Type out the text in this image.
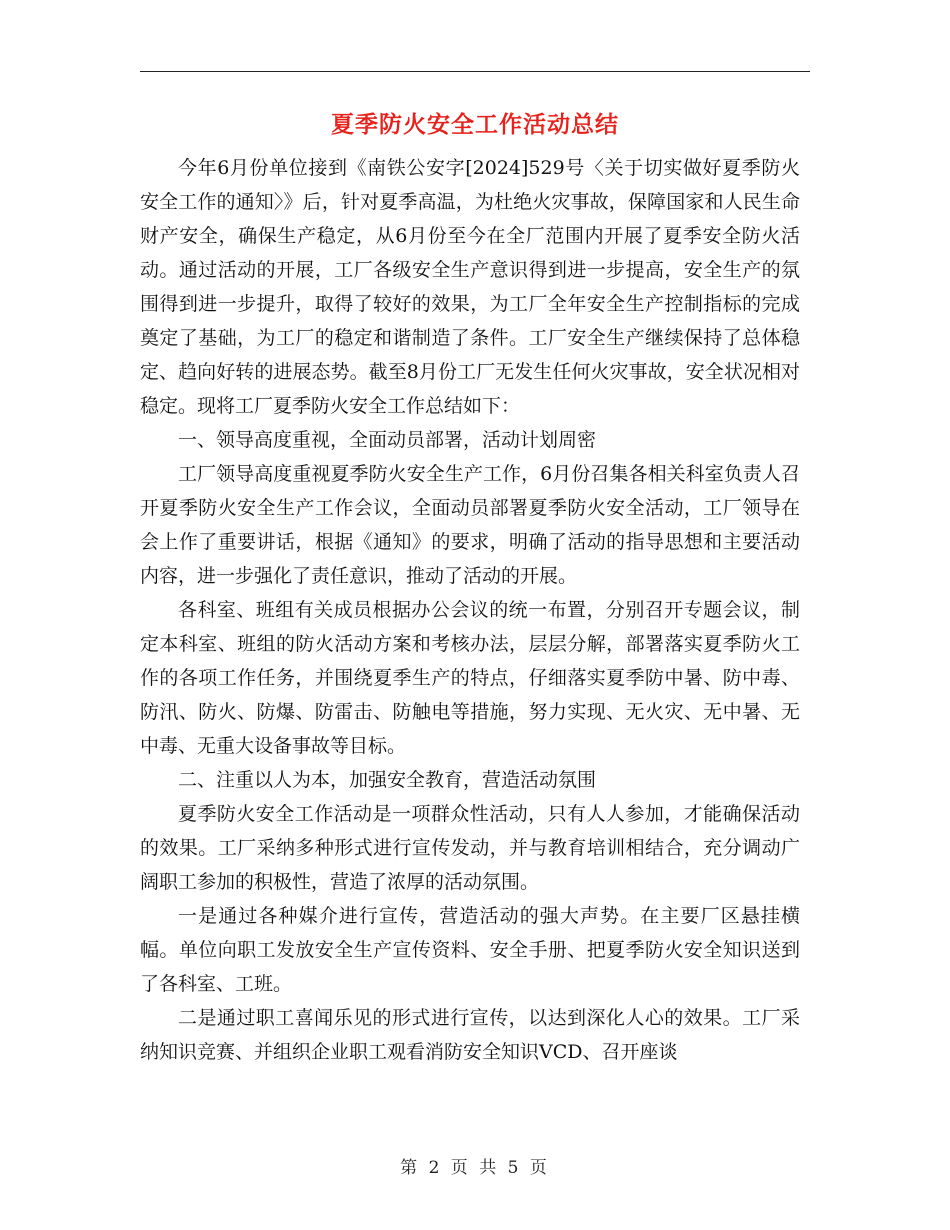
夏季防火安全工作活动总结

今年6月份单位接到《南铁公安字[2024]529号〈关于切实做好夏季防火安全工作的通知〉》后，针对夏季高温，为杜绝火灾事故，保障国家和人民生命财产安全，确保生产稳定，从6月份至今在全厂范围内开展了夏季安全防火活动。通过活动的开展，工厂各级安全生产意识得到进一步提高，安全生产的氛围得到进一步提升，取得了较好的效果，为工厂全年安全生产控制指标的完成奠定了基础，为工厂的稳定和谐制造了条件。工厂安全生产继续保持了总体稳定、趋向好转的进展态势。截至8月份工厂无发生任何火灾事故，安全状况相对稳定。现将工厂夏季防火安全工作总结如下：

一、领导高度重视，全面动员部署，活动计划周密

工厂领导高度重视夏季防火安全生产工作，6月份召集各相关科室负责人召开夏季防火安全生产工作会议，全面动员部署夏季防火安全活动，工厂领导在会上作了重要讲话，根据《通知》的要求，明确了活动的指导思想和主要活动内容，进一步强化了责任意识，推动了活动的开展。

各科室、班组有关成员根据办公会议的统一布置，分别召开专题会议，制定本科室、班组的防火活动方案和考核办法，层层分解，部署落实夏季防火工作的各项工作任务，并围绕夏季生产的特点，仔细落实夏季防中暑、防中毒、防汛、防火、防爆、防雷击、防触电等措施，努力实现、无火灾、无中暑、无中毒、无重大设备事故等目标。

二、注重以人为本，加强安全教育，营造活动氛围

夏季防火安全工作活动是一项群众性活动，只有人人参加，才能确保活动的效果。工厂采纳多种形式进行宣传发动，并与教育培训相结合，充分调动广阔职工参加的积极性，营造了浓厚的活动氛围。

一是通过各种媒介进行宣传，营造活动的强大声势。在主要厂区悬挂横幅。单位向职工发放安全生产宣传资料、安全手册、把夏季防火安全知识送到了各科室、工班。

二是通过职工喜闻乐见的形式进行宣传，以达到深化人心的效果。工厂采纳知识竞赛、并组织企业职工观看消防安全知识VCD、召开座谈

第 2 页 共 5 页
